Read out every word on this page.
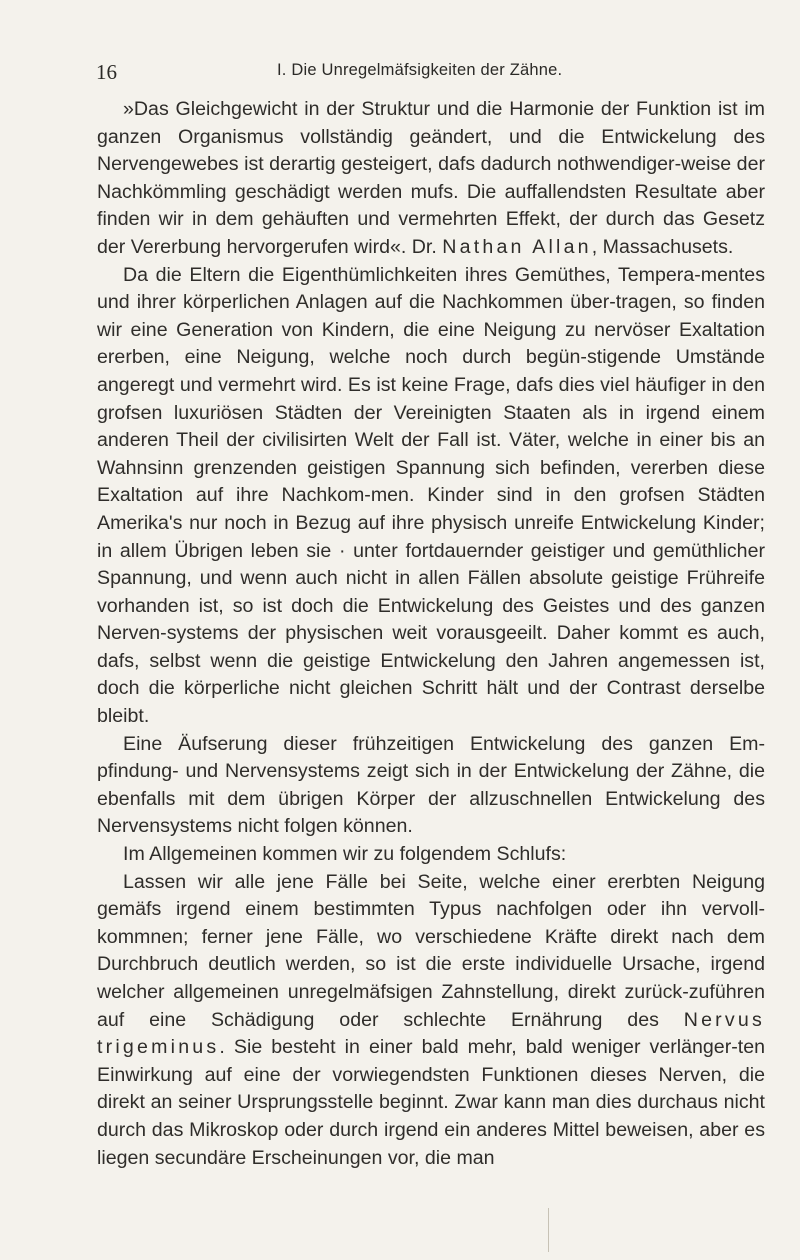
16	I. Die Unregelmäfsigkeiten der Zähne.

»Das Gleichgewicht in der Struktur und die Harmonie der Funktion ist im ganzen Organismus vollständig geändert, und die Entwickelung des Nervengewebes ist derartig gesteigert, dafs dadurch nothwendiger-weise der Nachkömmling geschädigt werden mufs. Die auffallendsten Resultate aber finden wir in dem gehäuften und vermehrten Effekt, der durch das Gesetz der Vererbung hervorgerufen wird«. Dr. Nathan Allan, Massachusets.

Da die Eltern die Eigenthümlichkeiten ihres Gemüthes, Tempera-mentes und ihrer körperlichen Anlagen auf die Nachkommen über-tragen, so finden wir eine Generation von Kindern, die eine Neigung zu nervöser Exaltation ererben, eine Neigung, welche noch durch begün-stigende Umstände angeregt und vermehrt wird. Es ist keine Frage, dafs dies viel häufiger in den grofsen luxuriösen Städten der Vereinigten Staaten als in irgend einem anderen Theil der civilisirten Welt der Fall ist. Väter, welche in einer bis an Wahnsinn grenzenden geistigen Spannung sich befinden, vererben diese Exaltation auf ihre Nachkom-men. Kinder sind in den grofsen Städten Amerika's nur noch in Bezug auf ihre physisch unreife Entwickelung Kinder; in allem Übrigen leben sie · unter fortdauernder geistiger und gemüthlicher Spannung, und wenn auch nicht in allen Fällen absolute geistige Frühreife vorhanden ist, so ist doch die Entwickelung des Geistes und des ganzen Nerven-systems der physischen weit vorausgeeilt. Daher kommt es auch, dafs, selbst wenn die geistige Entwickelung den Jahren angemessen ist, doch die körperliche nicht gleichen Schritt hält und der Contrast derselbe bleibt.

Eine Äufserung dieser frühzeitigen Entwickelung des ganzen Em-pfindung- und Nervensystems zeigt sich in der Entwickelung der Zähne, die ebenfalls mit dem übrigen Körper der allzuschnellen Entwickelung des Nervensystems nicht folgen können.

Im Allgemeinen kommen wir zu folgendem Schlufs:

Lassen wir alle jene Fälle bei Seite, welche einer ererbten Neigung gemäfs irgend einem bestimmten Typus nachfolgen oder ihn vervoll-kommnen; ferner jene Fälle, wo verschiedene Kräfte direkt nach dem Durchbruch deutlich werden, so ist die erste individuelle Ursache, irgend welcher allgemeinen unregelmäfsigen Zahnstellung, direkt zurück-zuführen auf eine Schädigung oder schlechte Ernährung des Nervus trigeminus. Sie besteht in einer bald mehr, bald weniger verlänger-ten Einwirkung auf eine der vorwiegendsten Funktionen dieses Nerven, die direkt an seiner Ursprungsstelle beginnt. Zwar kann man dies durchaus nicht durch das Mikroskop oder durch irgend ein anderes Mittel beweisen, aber es liegen secundäre Erscheinungen vor, die man
